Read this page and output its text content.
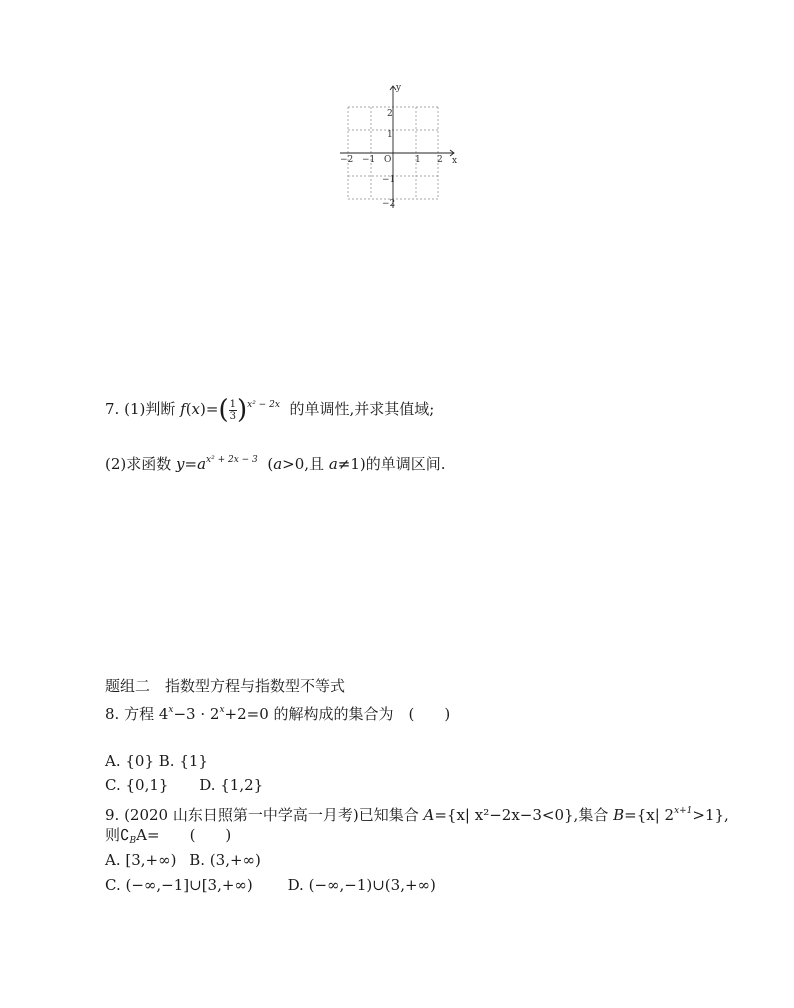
x
y
O
−2 −1	1 2
2
1
−1
−2
7. (1)判断 $f(x)=( \frac{1}{3} )^{x^2 - 2x}$ 的单调性,并求其值域;
(2)求函数 $y=a^{x^2 + 2x - 3}$ (a>0,且 a≠1)的单调区间.
题组二　指数型方程与指数型不等式
8. 方程 $4^x-3 \cdot 2^x+2=0$ 的解构成的集合为　(　　)
A. {0} B. {1}
C. {0,1} D. {1,2}
9. (2020 山东日照第一中学高一月考)已知集合 A={x| x²−2x−3<0},集合 B={x| $2^{x+1}>1$},
则$∁_BA=$　　(　　)
A. [3,+∞) B. (3,+∞)
C. (−∞,−1]∪[3,+∞) D. (−∞,−1)∪(3,+∞)
